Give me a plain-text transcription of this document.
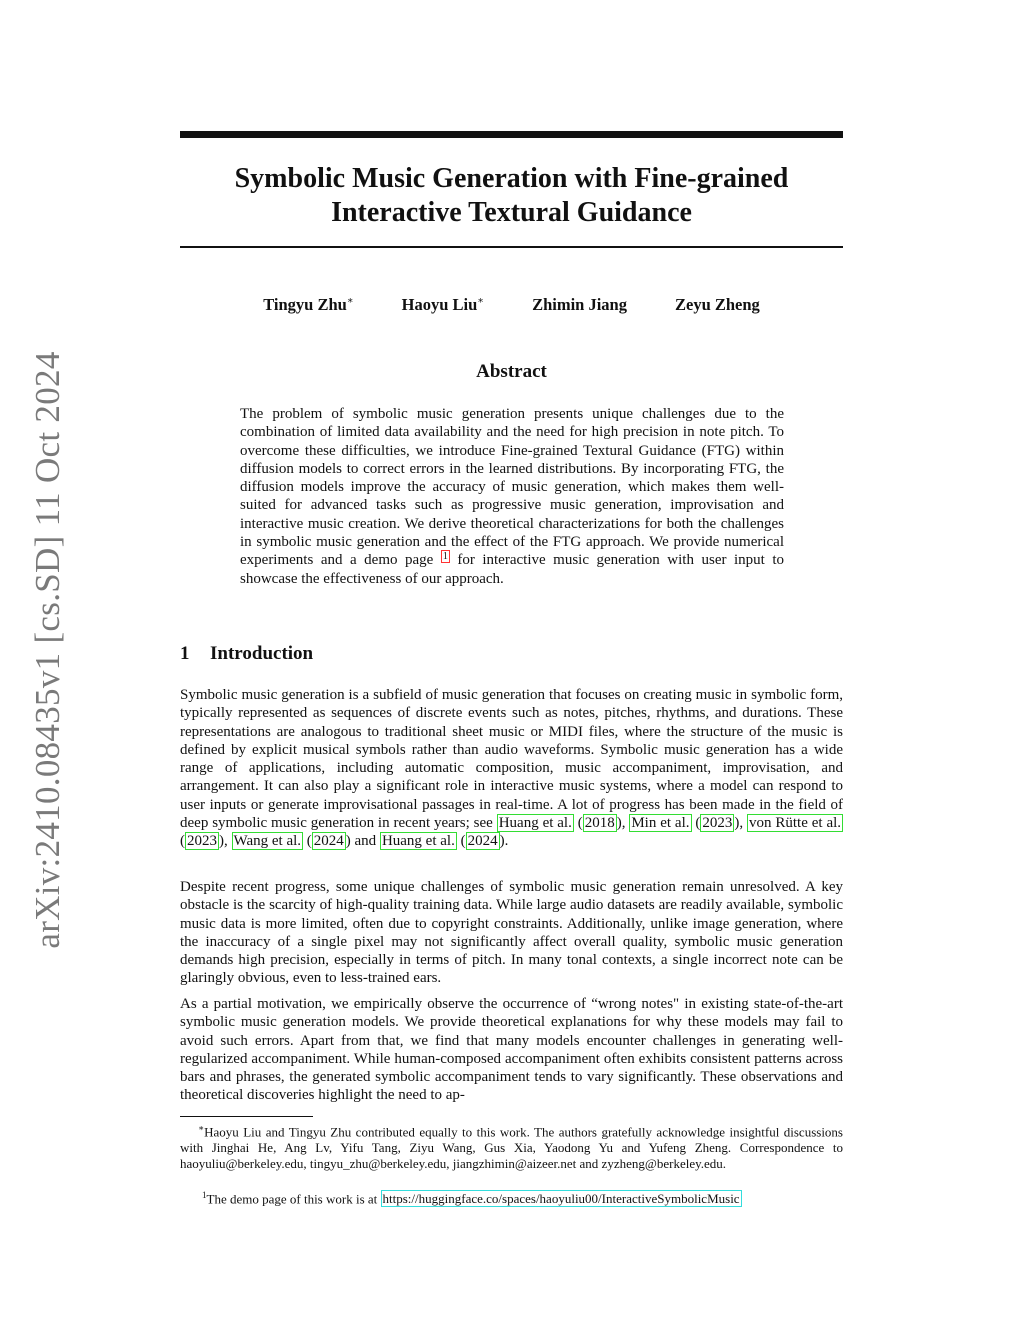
arXiv:2410.08435v1 [cs.SD] 11 Oct 2024
Symbolic Music Generation with Fine-grained
Interactive Textural Guidance
Tingyu Zhu∗	Haoyu Liu∗	Zhimin Jiang	Zeyu Zheng
Abstract

The problem of symbolic music generation presents unique challenges due to the combination of limited data availability and the need for high precision in note pitch. To overcome these difficulties, we introduce Fine-grained Textural Guidance (FTG) within diffusion models to correct errors in the learned distributions. By incorporating FTG, the diffusion models improve the accuracy of music generation, which makes them well-suited for advanced tasks such as progressive music generation, improvisation and interactive music creation. We derive theoretical characterizations for both the challenges in symbolic music generation and the effect of the FTG approach. We provide numerical experiments and a demo page $^1$ for interactive music generation with user input to showcase the effectiveness of our approach.

1 Introduction

Symbolic music generation is a subfield of music generation that focuses on creating music in symbolic form, typically represented as sequences of discrete events such as notes, pitches, rhythms, and durations. These representations are analogous to traditional sheet music or MIDI files, where the structure of the music is defined by explicit musical symbols rather than audio waveforms. Symbolic music generation has a wide range of applications, including automatic composition, music accompaniment, improvisation, and arrangement. It can also play a significant role in interactive music systems, where a model can respond to user inputs or generate improvisational passages in real-time. A lot of progress has been made in the field of deep symbolic music generation in recent years; see Huang et al. ( 2018 ), Min et al. ( 2023 ), von Rütte et al. ( 2023 ), Wang et al. ( 2024 ) and Huang et al. ( 2024 ).

Despite recent progress, some unique challenges of symbolic music generation remain unresolved. A key obstacle is the scarcity of high-quality training data. While large audio datasets are readily available, symbolic music data is more limited, often due to copyright constraints. Additionally, unlike image generation, where the inaccuracy of a single pixel may not significantly affect overall quality, symbolic music generation demands high precision, especially in terms of pitch. In many tonal contexts, a single incorrect note can be glaringly obvious, even to less-trained ears.

As a partial motivation, we empirically observe the occurrence of “wrong notes" in existing state-of-the-art symbolic music generation models. We provide theoretical explanations for why these models may fail to avoid such errors. Apart from that, we find that many models encounter challenges in generating well-regularized accompaniment. While human-composed accompaniment often exhibits consistent patterns across bars and phrases, the generated symbolic accompaniment tends to vary significantly. These observations and theoretical discoveries highlight the need to ap-

∗Haoyu Liu and Tingyu Zhu contributed equally to this work. The authors gratefully acknowledge insightful discussions with Jinghai He, Ang Lv, Yifu Tang, Ziyu Wang, Gus Xia, Yaodong Yu and Yufeng Zheng. Correspondence to haoyuliu@berkeley.edu, tingyu_zhu@berkeley.edu, jiangzhimin@aizeer.net and zyzheng@berkeley.edu.

$^1$The demo page of this work is at https://huggingface.co/spaces/haoyuliu00/InteractiveSymbolicMusic
